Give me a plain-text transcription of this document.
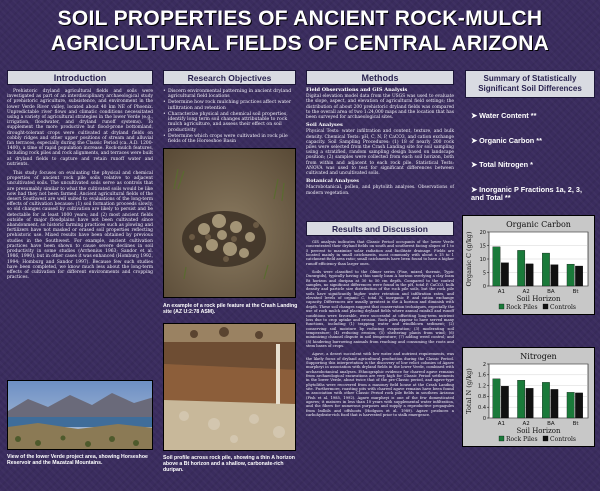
SOIL PROPERTIES OF ANCIENT ROCK-MULCH
AGRICULTURAL FIELDS OF CENTRAL ARIZONA
Introduction

Prehistoric dryland agricultural fields and soils were investigated as part of an interdisciplinary archaeological study of prehistoric agriculture, subsistence, and environment in the lower Verde River valley, located about 40 km NE of Phoenix. Unpredictable river flows and climatic conditions necessitated using a variety of agricultural strategies in the lower Verde (e.g., irrigation, floodwater, and dryland runoff systems). To supplement the more productive but flood-prone bottomland, drought-tolerant crops were cultivated at dryland fields on cobbly ridges and other upper positions of stream and alluvial fan terraces, especially during the Classic Period (ca. A.D. 1200-1400), a time of rapid population increase. Rock-mulch features, including rock piles and rock alignments, and terraces were built at dryland fields to capture and retain runoff water and nutrients.

This study focuses on evaluating the physical and chemical properties of ancient rock pile soils relative to adjacent uncultivated soils. The uncultivated soils serve as controls that are presumably similar to what the cultivated soils would be like now had they not been farmed. Ancient agricultural fields of the desert Southwest are well suited to evaluations of the long-term effects of cultivation because: (1) soil formation proceeds slowly, so old changes caused by cultivation are likely to persist and be detectable for at least 1000 years; and (2) most ancient fields outside of major floodplains have not been cultivated since abandonment, so historic farming practices such as plowing and fertilizers have not masked or erased soil properties reflecting prehistoric use. Mixed results have been obtained by previous studies in the Southwest. For example, ancient cultivation practices have been shown to cause severe declines in soil productivity in some studies (Arrhenius 1963; Sandor et al. 1986, 1990), but in other cases it was enhanced (Homburg 1992, 1994; Homburg and Sandor 1997). Because few such studies have been completed, we know much less about the long-term effects of cultivation for different environments and cropping practices.

Research Objectives
• Discern environmental patterning in ancient dryland agricultural field locations
• Determine how rock mulching practices affect water infiltration and retention
• Characterize physical and chemical soil properties, identify long term soil changes attributable to rock mulch agriculture, and assess their effect on soil productivity
• Determine which crops were cultivated in rock pile fields of the Horseshoe Basin
An example of a rock pile feature at the Crash Landing site (AZ U:2:78 ASM).
Methods
Field Observations and GIS Analysis
Digital elevation model data from the USGS was used to evaluate the slope, aspect, and elevation of agricultural field settings; the distribution of about 200 prehistoric dryland fields was compared to the overall area of two 1:24,000 maps and the location that has been surveyed for archaeological sites.
Soil Analyses
Physical Tests: water infiltration and content, texture, and bulk density. Chemical Tests: pH, C, N, P, CaCO3, and cation exchange capacity. Soil Sampling Procedures: (1) 18 of nearly 200 rock piles were selected from the Crash Landing site for soil sampling using a stratified, random sampling design based on landscape position; (2) samples were collected from each soil horizon, both from within and adjacent to each rock pile. Statistical Tests: ANOVA was used to test for significant differences between cultivated and uncultivated soils.
Botanical Analyses
Macrobotanical, pollen, and phytolith analyses. Observations of modern vegetation.
Results and Discussion

GIS analysis indicates that Classic Period occupants of the lower Verde concentrated their dryland fields on south and southwest facing slopes of 1 to 5 percent to maximize solar radiation and facilitate drainage. Fields are located mainly in small catchments, most commonly with about a 15 to 1 catchment:field area ratio; small catchments have been found to have a higher runoff efficiency than larger ones.

Soils were classified to the Olmer series (Fine, mixed, thermic, Typic Durargids), typically having a thin sandy loam A horizon overlying a clay loam Bt horizon and duripan at 30 to 50 cm depth. Compared to the control samples, no significant differences were found in the pH, total P, CaCO3, bulk density and particle size distribution of the rock pile soils, but the rock pile soils have significantly higher water retention and infiltration rates, and elevated levels of organic C, total N, inorganic P, and cation exchange capacity. Differences are usually greatest in the A horizon and diminish with depth. These soil changes suggest that conservation techniques, especially the use of rock mulch and placing dryland fields where annual rainfall and runoff conditions were favorable, were successful at offsetting long-term nutrient loss due to crop uptake and erosion. Rock piles appear to have served many functions, including (1) trapping water and windblown sediment; (2) conserving soil moisture by reducing evaporation; (3) moderating soil temperature; (4) reducing erosion; (5) sheltering plants from wind; (6) minimizing channel dispute in soil temperature; (7) adding weed control; and (8) hindering burrowing animals from reaching and consuming the roots and stem bases of crops.

Agave, a desert succulent with low water and nutrient requirements, was the likely focus of dryland agricultural production during the Classic Period. Supporting this interpretation is the discovery of low relict colonies of Agave murpheyi in association with dryland fields in the lower Verde, combined with archaeobotanical analyses. Ethnographic evidence for charred agave remains from archaeological excavations are very high for Classic Period settlements in the lower Verde, about twice that of the pre-Classic period, and agave-type phytoliths were recovered from a masonry field house at the Crash Landing site. Furthermore, roasting pits with charred agave remains have been found in association with other Classic Period rock pile fields in southern Arizona (Fish et al. 1985, 1992). Agave murpheyi is one of the few domesticated agaves; it matures in less than 10 years with supplemental water infiltration, and the fibers for numerous purposes and supply a reproductive propagules from bulbils and offshoots (Hodgson et al. 1989). Agave produces a carbohydrate-rich food that is harvested prior to stalk emergence.

Summary of Statistically Significant Soil Differences
➤ Water Content **
➤ Organic Carbon **
➤ Total Nitrogen *
➤ Inorganic P Fractions 1a, 2, 3, and Total **
Organic Carbon
0
5
10
15
20
Organic C (g/kg)
A1	A2	BA	Bt
Soil Horizon
Rock Piles Controls
Nitrogen
0
0.4
0.8
1.2
1.6
2
Total N (g/kg)
A1	A2	BA	Bt
Soil Horizon
Rock Piles Controls
View of the lower Verde project area, showing Horseshoe Reservoir and the Mazatzal Mountains.
Soil profile across rock pile, showing a thin A horizon above a Bt horizon and a shallow, carbonate-rich duripan.
